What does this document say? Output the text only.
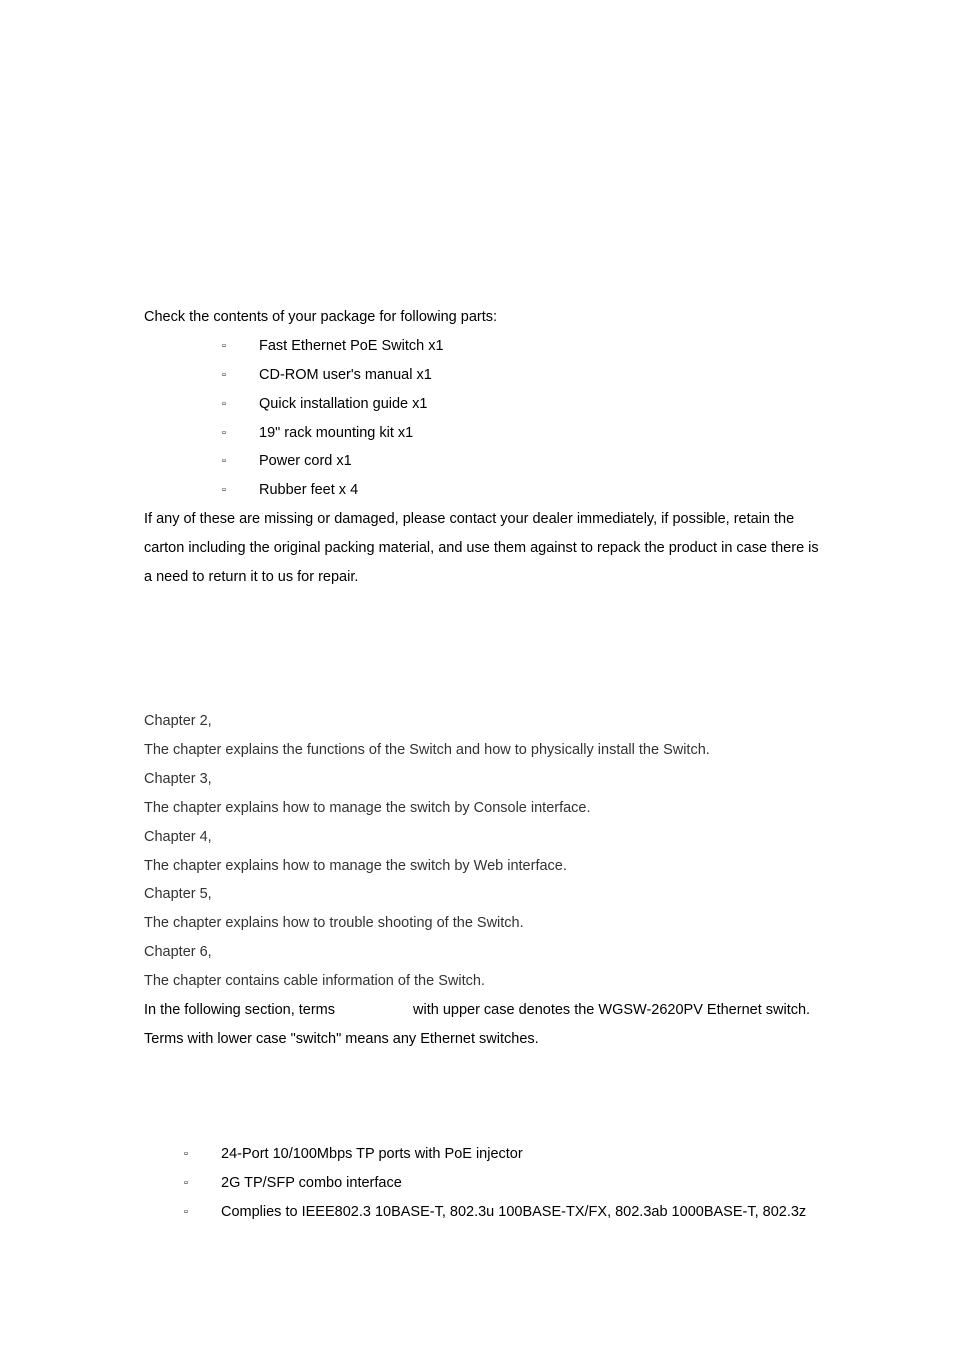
Check the contents of your package for following parts:
▫ Fast Ethernet PoE Switch x1
▫ CD-ROM user's manual x1
▫ Quick installation guide x1
▫ 19" rack mounting kit x1
▫ Power cord x1
▫ Rubber feet x 4
If any of these are missing or damaged, please contact your dealer immediately, if possible, retain the
carton including the original packing material, and use them against to repack the product in case there is
a need to return it to us for repair.
Chapter 2,
The chapter explains the functions of the Switch and how to physically install the Switch.
Chapter 3,
The chapter explains how to manage the switch by Console interface.
Chapter 4,
The chapter explains how to manage the switch by Web interface.
Chapter 5,
The chapter explains how to trouble shooting of the Switch.
Chapter 6,
The chapter contains cable information of the Switch.
In the following section, terms	with upper case denotes the WGSW-2620PV Ethernet switch.
Terms with lower case "switch" means any Ethernet switches.
▫ 24-Port 10/100Mbps TP ports with PoE injector
▫ 2G TP/SFP combo interface
▫ Complies to IEEE802.3 10BASE-T, 802.3u 100BASE-TX/FX, 802.3ab 1000BASE-T, 802.3z
